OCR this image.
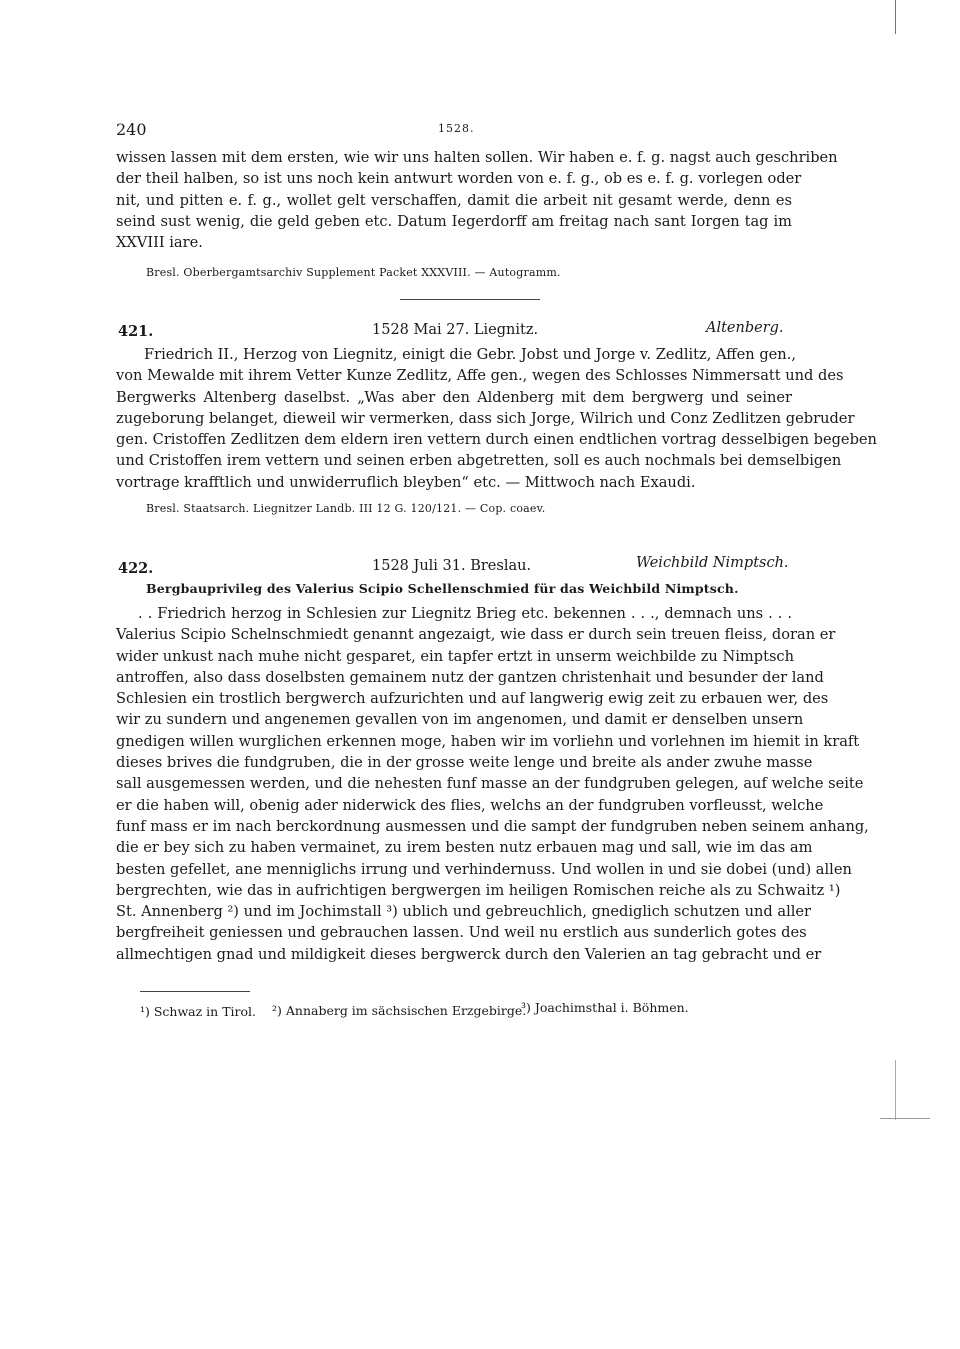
240	1528.
wissen lassen mit dem ersten, wie wir uns halten sollen. Wir haben e. f. g. nagst auch geschriben
der theil halben, so ist uns noch kein antwurt worden von e. f. g., ob es e. f. g. vorlegen oder
nit, und pitten e. f. g., wollet gelt verschaffen, damit die arbeit nit gesamt werde, denn es
seind sust wenig, die geld geben etc. Datum Iegerdorff am freitag nach sant Iorgen tag im
XXVIII iare.
Bresl. Oberbergamtsarchiv Supplement Packet XXXVIII. — Autogramm.
421.	1528 Mai 27. Liegnitz.	Altenberg.
Friedrich II., Herzog von Liegnitz, einigt die Gebr. Jobst und Jorge v. Zedlitz, Affen gen.,
von Mewalde mit ihrem Vetter Kunze Zedlitz, Affe gen., wegen des Schlosses Nimmersatt und des
Bergwerks Altenberg daselbst. „Was aber den Aldenberg mit dem bergwerg und seiner
zugeborung belanget, dieweil wir vermerken, dass sich Jorge, Wilrich und Conz Zedlitzen gebruder
gen. Cristoffen Zedlitzen dem eldern iren vettern durch einen endtlichen vortrag desselbigen begeben
und Cristoffen irem vettern und seinen erben abgetretten, soll es auch nochmals bei demselbigen
vortrage krafftlich und unwiderruflich bleyben“ etc. — Mittwoch nach Exaudi.
Bresl. Staatsarch. Liegnitzer Landb. III 12 G. 120/121. — Cop. coaev.
422.	1528 Juli 31. Breslau.	Weichbild Nimptsch.
Bergbauprivileg des Valerius Scipio Schellenschmied für das Weichbild Nimptsch.
. . Friedrich herzog in Schlesien zur Liegnitz Brieg etc. bekennen . . ., demnach uns . . .
Valerius Scipio Schelnschmiedt genannt angezaigt, wie dass er durch sein treuen fleiss, doran er
wider unkust nach muhe nicht gesparet, ein tapfer ertzt in unserm weichbilde zu Nimptsch
antroffen, also dass doselbsten gemainem nutz der gantzen christenhait und besunder der land
Schlesien ein trostlich bergwerch aufzurichten und auf langwerig ewig zeit zu erbauen wer, des
wir zu sundern und angenemen gevallen von im angenomen, und damit er denselben unsern
gnedigen willen wurglichen erkennen moge, haben wir im vorliehn und vorlehnen im hiemit in kraft
dieses brives die fundgruben, die in der grosse weite lenge und breite als ander zwuhe masse
sall ausgemessen werden, und die nehesten funf masse an der fundgruben gelegen, auf welche seite
er die haben will, obenig ader niderwick des flies, welchs an der fundgruben vorfleusst, welche
funf mass er im nach berckordnung ausmessen und die sampt der fundgruben neben seinem anhang,
die er bey sich zu haben vermainet, zu irem besten nutz erbauen mag und sall, wie im das am
besten gefellet, ane menniglichs irrung und verhindernuss. Und wollen in und sie dobei (und) allen
bergrechten, wie das in aufrichtigen bergwergen im heiligen Romischen reiche als zu Schwaitz ¹)
St. Annenberg ²) und im Jochimstall ³) ublich und gebreuchlich, gnediglich schutzen und aller
bergfreiheit geniessen und gebrauchen lassen. Und weil nu erstlich aus sunderlich gotes des
allmechtigen gnad und mildigkeit dieses bergwerck durch den Valerien an tag gebracht und er
¹) Schwaz in Tirol. ²) Annaberg im sächsischen Erzgebirge.
³) Joachimsthal i. Böhmen.
